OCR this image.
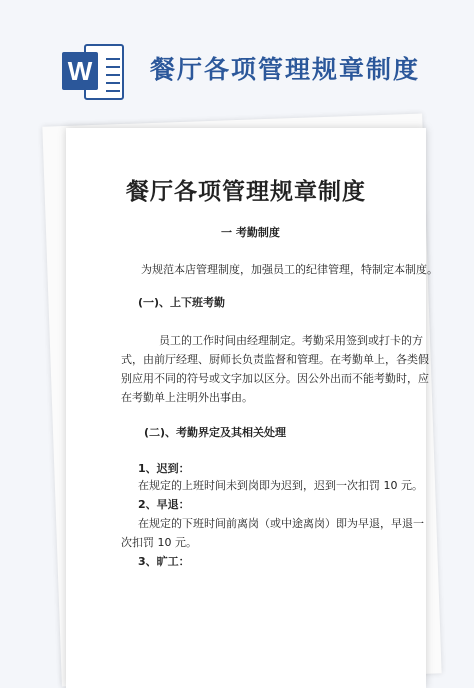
W 餐厅各项管理规章制度
餐厅各项管理规章制度
一 考勤制度
为规范本店管理制度，加强员工的纪律管理，特制定本制度。
(一)、上下班考勤
员工的工作时间由经理制定。考勤采用签到或打卡的方
式，由前厅经理、厨师长负责监督和管理。在考勤单上，各类假
别应用不同的符号或文字加以区分。因公外出而不能考勤时，应
在考勤单上注明外出事由。
(二)、考勤界定及其相关处理
1、迟到：
在规定的上班时间未到岗即为迟到，迟到一次扣罚 10 元。
2、早退：
在规定的下班时间前离岗（或中途离岗）即为早退，早退一
次扣罚 10 元。
3、旷工：
